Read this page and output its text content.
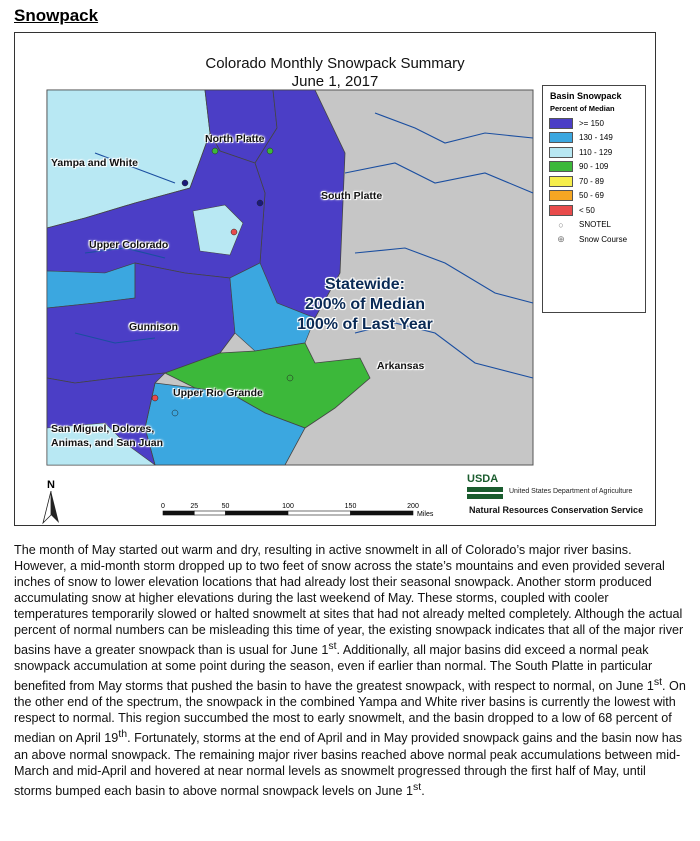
Snowpack
Colorado Monthly Snowpack Summary
June 1, 2017
North Platte
Yampa and White
South Platte
Upper Colorado
Gunnison
Arkansas
Upper Rio Grande
San Miguel, Dolores,
Animas, and San Juan
Statewide:
200% of Median
100% of Last Year
Basin Snowpack
Percent of Median
>= 150
130 - 149
110 - 129
90 - 109
70 - 89
50 - 69
< 50
○	SNOTEL
⊕	Snow Course
N
0	25	50	100	150	200
Miles
USDA
United States Department of Agriculture
Natural Resources Conservation Service

The month of May started out warm and dry, resulting in active snowmelt in all of Colorado’s major river basins. However, a mid-month storm dropped up to two feet of snow across the state’s mountains and even provided several inches of snow to lower elevation locations that had already lost their seasonal snowpack. Another storm produced accumulating snow at higher elevations during the last weekend of May. These storms, coupled with cooler temperatures temporarily slowed or halted snowmelt at sites that had not already melted completely. Although the actual percent of normal numbers can be misleading this time of year, the existing snowpack indicates that all of the major river basins have a greater snowpack than is usual for June 1st. Additionally, all major basins did exceed a normal peak snowpack accumulation at some point during the season, even if earlier than normal. The South Platte in particular benefited from May storms that pushed the basin to have the greatest snowpack, with respect to normal, on June 1st. On the other end of the spectrum, the snowpack in the combined Yampa and White river basins is currently the lowest with respect to normal. This region succumbed the most to early snowmelt, and the basin dropped to a low of 68 percent of median on April 19th. Fortunately, storms at the end of April and in May provided snowpack gains and the basin now has an above normal snowpack. The remaining major river basins reached above normal peak accumulations between mid-March and mid-April and hovered at near normal levels as snowmelt progressed through the first half of May, until storms bumped each basin to above normal snowpack levels on June 1st.
